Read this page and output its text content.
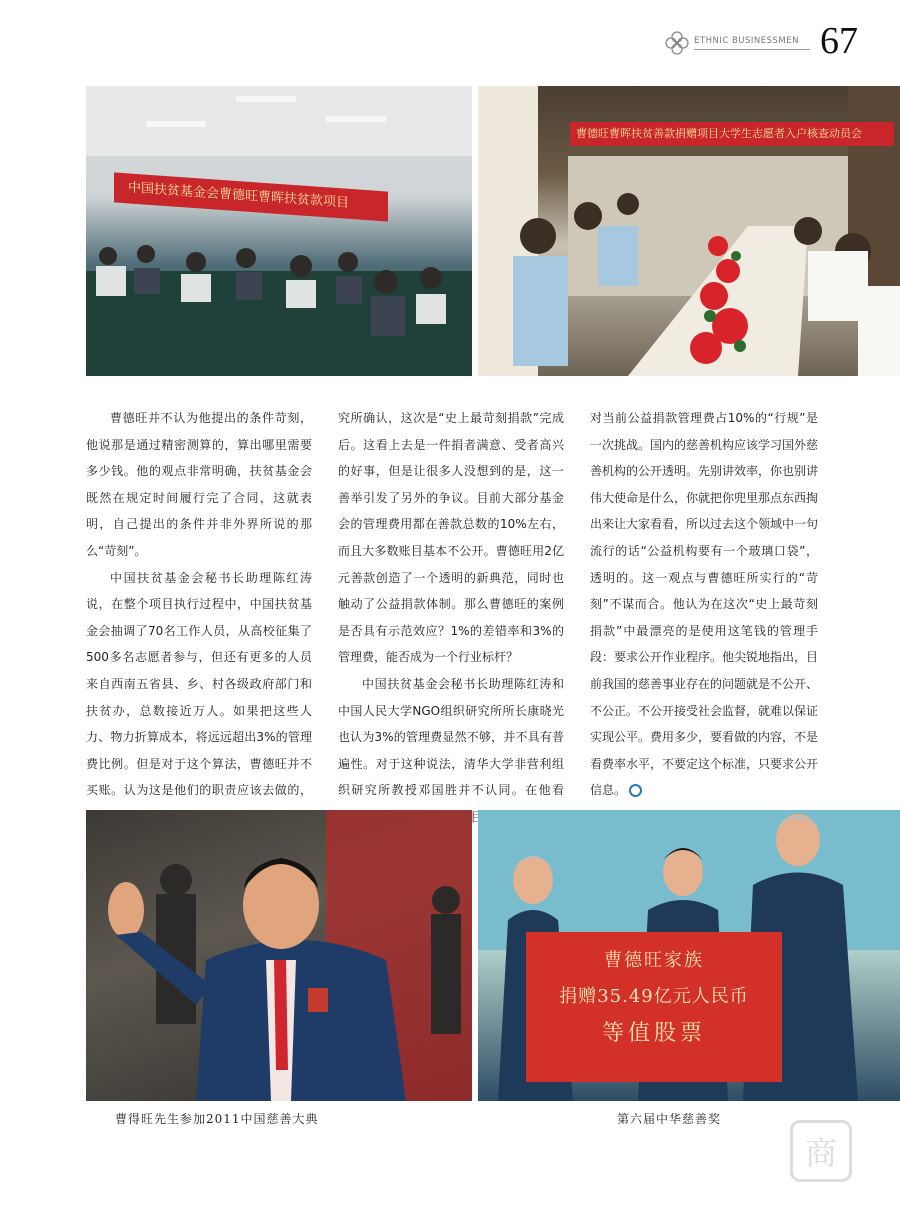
ETHNIC BUSINESSMEN 67
中国扶贫基金会曹德旺曹晖扶贫款项目
曹德旺曹晖扶贫善款捐赠项目大学生志愿者入户核查动员会

曹德旺并不认为他提出的条件苛刻，他说那是通过精密测算的，算出哪里需要多少钱。他的观点非常明确，扶贫基金会既然在规定时间履行完了合同，这就表明，自己提出的条件并非外界所说的那么“苛刻”。

中国扶贫基金会秘书长助理陈红涛说，在整个项目执行过程中，中国扶贫基金会抽调了70名工作人员，从高校征集了500多名志愿者参与，但还有更多的人员来自西南五省县、乡、村各级政府部门和扶贫办，总数接近万人。如果把这些人力、物力折算成本，将远远超出3%的管理费比例。但是对于这个算法，曹德旺并不买账。认为这是他们的职责应该去做的，

究所确认，这次是“史上最苛刻捐款”完成后。这看上去是一件捐者满意、受者高兴的好事，但是让很多人没想到的是，这一善举引发了另外的争议。目前大部分基金会的管理费用都在善款总数的10%左右，而且大多数账目基本不公开。曹德旺用2亿元善款创造了一个透明的新典范，同时也触动了公益捐款体制。那么曹德旺的案例是否具有示范效应？1%的差错率和3%的管理费，能否成为一个行业标杆？

中国扶贫基金会秘书长助理陈红涛和中国人民大学NGO组织研究所所长康晓光也认为3%的管理费显然不够，并不具有普遍性。对于这种说法，清华大学非营利组织研究所教授邓国胜并不认同。在他看 目

对当前公益捐款管理费占10%的“行规”是一次挑战。国内的慈善机构应该学习国外慈善机构的公开透明。先别讲效率，你也别讲伟大使命是什么，你就把你兜里那点东西掏出来让大家看看，所以过去这个领域中一句流行的话“公益机构要有一个玻璃口袋”，透明的。这一观点与曹德旺所实行的“苛刻”不谋而合。他认为在这次“史上最苛刻捐款”中最漂亮的是使用这笔钱的管理手段：要求公开作业程序。他尖锐地指出，目前我国的慈善事业存在的问题就是不公开、不公正。不公开接受社会监督，就难以保证实现公平。费用多少，要看做的内容，不是看费率水平，不要定这个标准，只要求公开信息。

曹德旺家族
捐赠35.49亿元人民币
等值股票
曹得旺先生参加2011中国慈善大典	第六届中华慈善奖
商
